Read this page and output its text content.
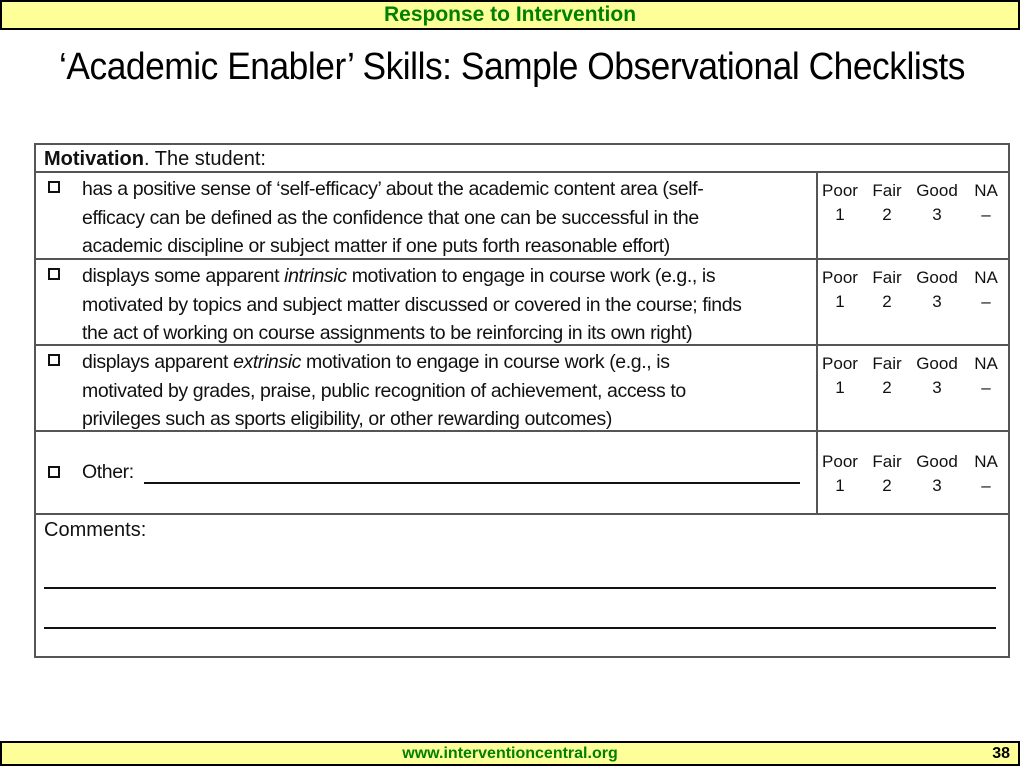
Response to Intervention
‘Academic Enabler’ Skills: Sample Observational Checklists
Motivation. The student:
has a positive sense of ‘self-efficacy’ about the academic content area (self-
efficacy can be defined as the confidence that one can be successful in the
academic discipline or subject matter if one puts forth reasonable effort)
Poor
1
Fair
2
Good
3
NA
–
displays some apparent intrinsic motivation to engage in course work (e.g., is
motivated by topics and subject matter discussed or covered in the course; finds
the act of working on course assignments to be reinforcing in its own right)
Poor
1
Fair
2
Good
3
NA
–
displays apparent extrinsic motivation to engage in course work (e.g., is
motivated by grades, praise, public recognition of achievement, access to
privileges such as sports eligibility, or other rewarding outcomes)
Poor
1
Fair
2
Good
3
NA
–
Other:	Poor
1
Fair
2
Good
3
NA
–
Comments:
www.interventioncentral.org	38
